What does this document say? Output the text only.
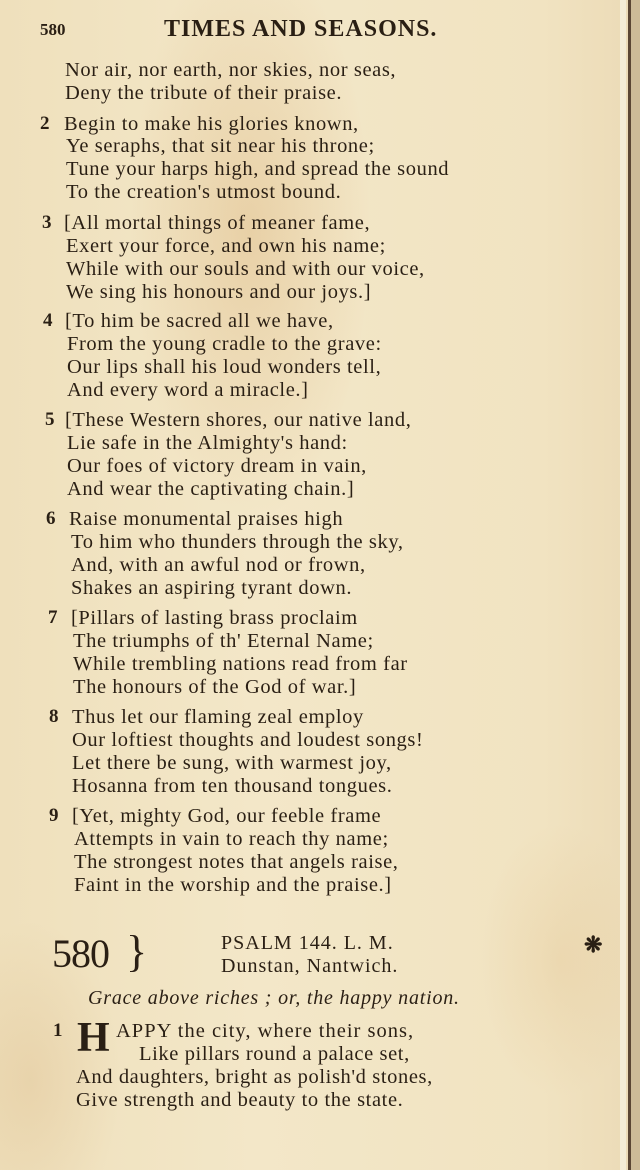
580	TIMES AND SEASONS.
Nor air, nor earth, nor skies, nor seas,
Deny the tribute of their praise.
2 Begin to make his glories known,
Ye seraphs, that sit near his throne;
Tune your harps high, and spread the sound
To the creation's utmost bound.
3 [All mortal things of meaner fame,
Exert your force, and own his name;
While with our souls and with our voice,
We sing his honours and our joys.]
4 [To him be sacred all we have,
From the young cradle to the grave:
Our lips shall his loud wonders tell,
And every word a miracle.]
5 [These Western shores, our native land,
Lie safe in the Almighty's hand:
Our foes of victory dream in vain,
And wear the captivating chain.]
6 Raise monumental praises high
To him who thunders through the sky,
And, with an awful nod or frown,
Shakes an aspiring tyrant down.
7 [Pillars of lasting brass proclaim
The triumphs of th' Eternal Name;
While trembling nations read from far
The honours of the God of war.]
8 Thus let our flaming zeal employ
Our loftiest thoughts and loudest songs!
Let there be sung, with warmest joy,
Hosanna from ten thousand tongues.
9 [Yet, mighty God, our feeble frame
Attempts in vain to reach thy name;
The strongest notes that angels raise,
Faint in the worship and the praise.]
580 }	PSALM 144. L. M.
Dunstan, Nantwich.
❋
Grace above riches ; or, the happy nation.
1 H APPY the city, where their sons,
Like pillars round a palace set,
And daughters, bright as polish'd stones,
Give strength and beauty to the state.
